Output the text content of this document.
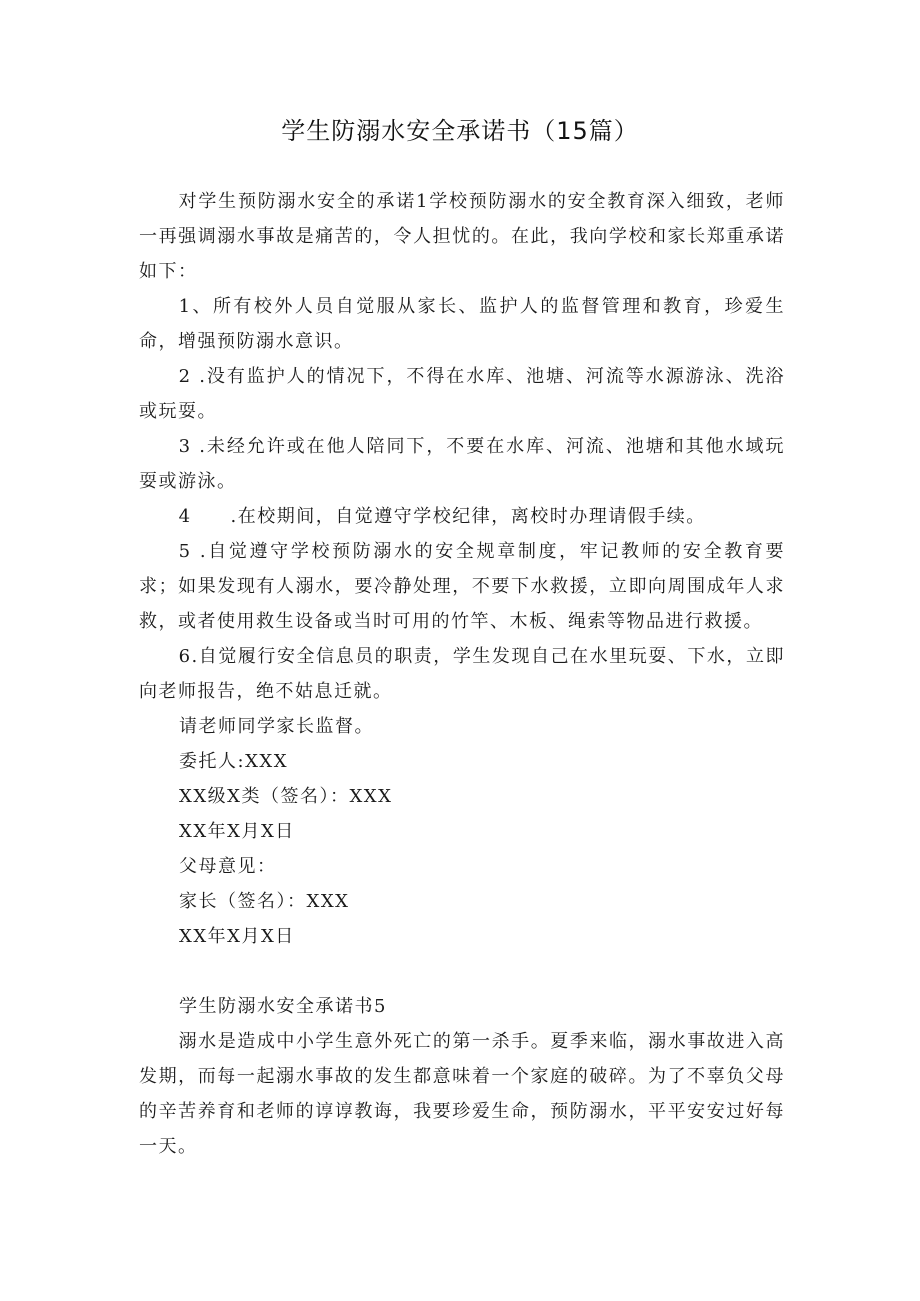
学生防溺水安全承诺书（15篇）

对学生预防溺水安全的承诺1学校预防溺水的安全教育深入细致，老师一再强调溺水事故是痛苦的，令人担忧的。在此，我向学校和家长郑重承诺如下：

1、所有校外人员自觉服从家长、监护人的监督管理和教育，珍爱生命，增强预防溺水意识。

2 .没有监护人的情况下，不得在水库、池塘、河流等水源游泳、洗浴或玩耍。

3 .未经允许或在他人陪同下，不要在水库、河流、池塘和其他水域玩耍或游泳。

4　　.在校期间，自觉遵守学校纪律，离校时办理请假手续。

5 .自觉遵守学校预防溺水的安全规章制度，牢记教师的安全教育要求；如果发现有人溺水，要冷静处理，不要下水救援，立即向周围成年人求救，或者使用救生设备或当时可用的竹竿、木板、绳索等物品进行救援。

6.自觉履行安全信息员的职责，学生发现自己在水里玩耍、下水，立即向老师报告，绝不姑息迁就。

请老师同学家长监督。

委托人:XXX

XX级X类（签名）：XXX

XX年X月X日

父母意见：

家长（签名）：XXX

XX年X月X日

学生防溺水安全承诺书5

溺水是造成中小学生意外死亡的第一杀手。夏季来临，溺水事故进入高发期，而每一起溺水事故的发生都意味着一个家庭的破碎。为了不辜负父母的辛苦养育和老师的谆谆教诲，我要珍爱生命，预防溺水，平平安安过好每一天。
